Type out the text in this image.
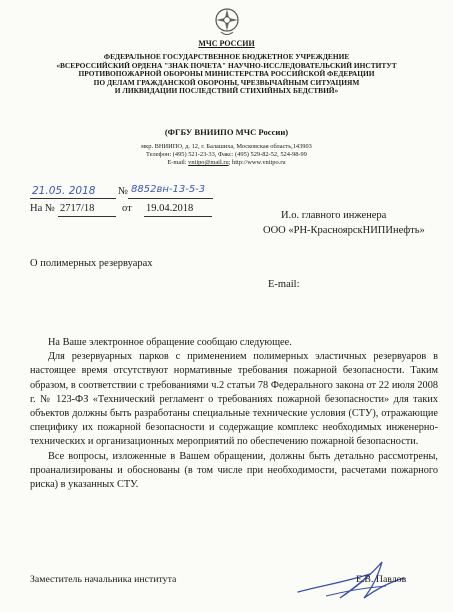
МЧС РОССИИ
ФЕДЕРАЛЬНОЕ ГОСУДАРСТВЕННОЕ БЮДЖЕТНОЕ УЧРЕЖДЕНИЕ
«ВСЕРОССИЙСКИЙ ОРДЕНА "ЗНАК ПОЧЕТА" НАУЧНО-ИССЛЕДОВАТЕЛЬСКИЙ ИНСТИТУТ
ПРОТИВОПОЖАРНОЙ ОБОРОНЫ МИНИСТЕРСТВА РОССИЙСКОЙ ФЕДЕРАЦИИ
ПО ДЕЛАМ ГРАЖДАНСКОЙ ОБОРОНЫ, ЧРЕЗВЫЧАЙНЫМ СИТУАЦИЯМ
И ЛИКВИДАЦИИ ПОСЛЕДСТВИЙ СТИХИЙНЫХ БЕДСТВИЙ»
(ФГБУ ВНИИПО МЧС России)
мкр. ВНИИПО, д. 12, г. Балашиха, Московская область,143903
Телефон: (495) 521-23-33, Факс: (495) 529-82-52, 524-98-99
E-mail: vniipo@mail.ru; http://www.vniipo.ru
21.05. 2018 № 8852вн-13-5-3
На № 2717/18	от 19.04.2018
И.о. главного инженера
ООО «РН-КрасноярскНИПИнефть»
О полимерных резервуарах
E-mail:

На Ваше электронное обращение сообщаю следующее.

Для резервуарных парков с применением полимерных эластичных резервуаров в настоящее время отсутствуют нормативные требования пожарной безопасности. Таким образом, в соответствии с требованиями ч.2 статьи 78 Федерального закона от 22 июля 2008 г. № 123-ФЗ «Технический регламент о требованиях пожарной безопасности» для таких объектов должны быть разработаны специальные технические условия (СТУ), отражающие специфику их пожарной безопасности и содержащие комплекс необходимых инженерно-технических и организационных мероприятий по обеспечению пожарной безопасности.

Все вопросы, изложенные в Вашем обращении, должны быть детально рассмотрены, проанализированы и обоснованы (в том числе при необходимости, расчетами пожарного риска) в указанных СТУ.

Заместитель начальника института	Е.В. Павлов
